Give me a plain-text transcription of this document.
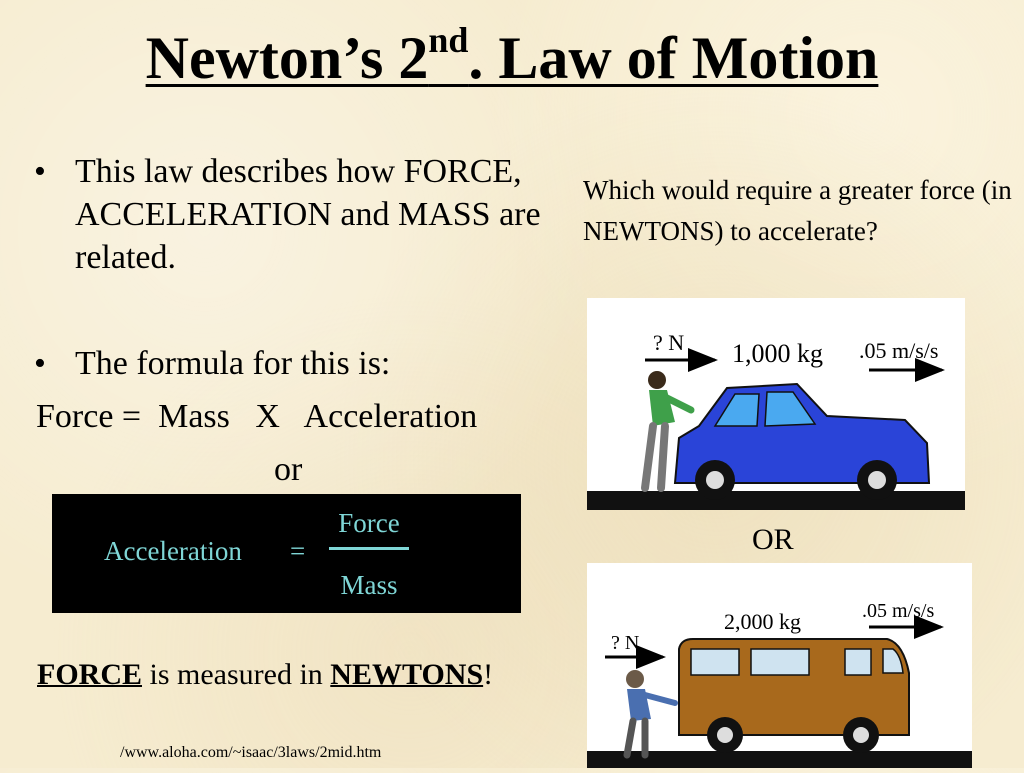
Newton’s 2nd. Law of Motion
• This law describes how FORCE, ACCELERATION and MASS are related.
• The formula for this is:
Force =  Mass   X   Acceleration
or
Acceleration =
Force
Mass
FORCE is measured in NEWTONS!
/www.aloha.com/~isaac/3laws/2mid.htm
Which would require a greater force (in NEWTONS) to accelerate?
? N 1,000 kg .05 m/s/s
OR
? N
2,000 kg	.05 m/s/s
